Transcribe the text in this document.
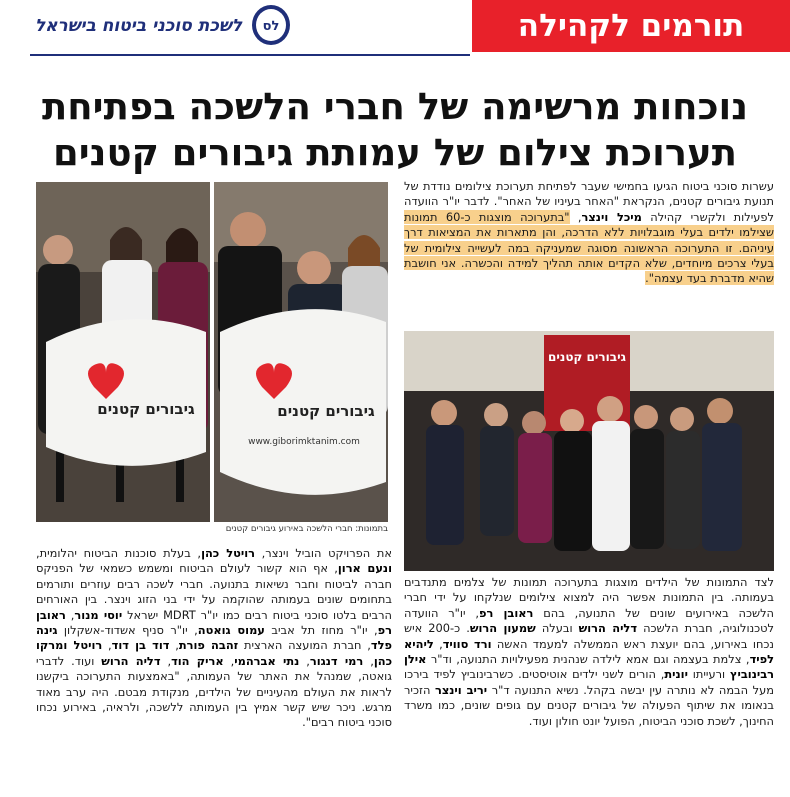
תורמים לקהילה
לס
לשכת סוכני ביטוח בישראל
נוכחות מרשימה של חברי הלשכה בפתיחת
תערוכת צילום של עמותת גיבורים קטנים

עשרות סוכני ביטוח הגיעו בחמישי שעבר לפתיחת תערוכת צילומים נודדת של תנועת גיבורים קטנים, הנקראת "האחר בעיניו של האחר". לדבר יו"ר הוועדה לפעילות ולקשרי קהילה מיכל וינצר, "בתערוכה מוצגות כ-60 תמונות שצילמו ילדים בעלי מוגבלויות ללא הדרכה, והן מתארות את המציאות דרך עיניהם. זו התערוכה הראשונה מסוגה שמעניקה במה לעשייה צילומית של בעלי צרכים מיוחדים, שלא הקדים אותה תהליך למידה והכשרה. אני חושבת שהיא מדברת בעד עצמה".

גיבורים קטנים	גיבורים קטנים
www.giborimktanim.com
בתמונות: חברי הלשכה באירוע גיבורים קטנים
גיבורים קטנים

לצד התמונות של הילדים מוצגות בתערוכה תמונות של צלמים מתנדבים בעמותה. בין התמונות אפשר היה למצוא צילומים שנלקחו על ידי חברי הלשכה באירועים שונים של התנועה, בהם ראובן רפ, יו"ר הוועדה לטכנולוגיה, חברת הלשכה דליה הרוש ובעלה שמעון הרוש. כ-200 איש נכחו באירוע, בהם יועצת ראש הממשלה למעמד האשה ורד סוויד, ליהיא לפיד, צלמת בעצמה וגם אמא לילדה שנהנית מפעילויות התנועה, וד"ר אילן רבינוביץ ורעייתו יונית, הורים לשני ילדים אוטיסטים. כשרבינוביץ לפיד בירכו מעל הבמה לא נותרה עין יבשה בקהל. נשיא התנועה ד"ר יריב וינצר הזכיר בנאומו את שיתוף הפעולה של גיבורים קטנים עם גופים שונים, כמו משרד החינוך, לשכת סוכני הביטוח, הפועל יונט חולון ועוד.

את הפרויקט הוביל וינצר, רויטל כהן, בעלת סוכנות הביטוח יהלומית, ונעם ארון, אף הוא קשור לעולם הביטוח ומשמש כשמאי של הפניקס חברה לביטוח וחבר נשיאות בתנועה. חברי לשכה רבים עוזרים ותורמים בתחומים שונים בעמותה שהוקמה על ידי בני הזוג וינצר. בין האורחים הרבים בלטו סוכני ביטוח רבים כמו יו"ר MDRT ישראל יוסי מנור, ראובן רפ, יו"ר מחוז תל אביב עמוס גואטה, יו"ר סניף אשדוד-אשקלון גינה פלד, חברת המועצה הארצית זהבה פורת, דוד בן דוד, רויטל ומרקו כהן, רמי דנגור, נתי אברהמי, אריק הוד, דליה הרוש ועוד. לדברי גואטה, שמנהל את האתר של העמותה, "באמצעות התערוכה ביקשנו לראות את העולם מהעיניים של הילדים, מנקודת מבטם. היה ערב מאוד מרגש. ניכר שיש קשר אמיץ בין העמותה ללשכה, ולראיה, באירוע נכחו סוכני ביטוח רבים".
